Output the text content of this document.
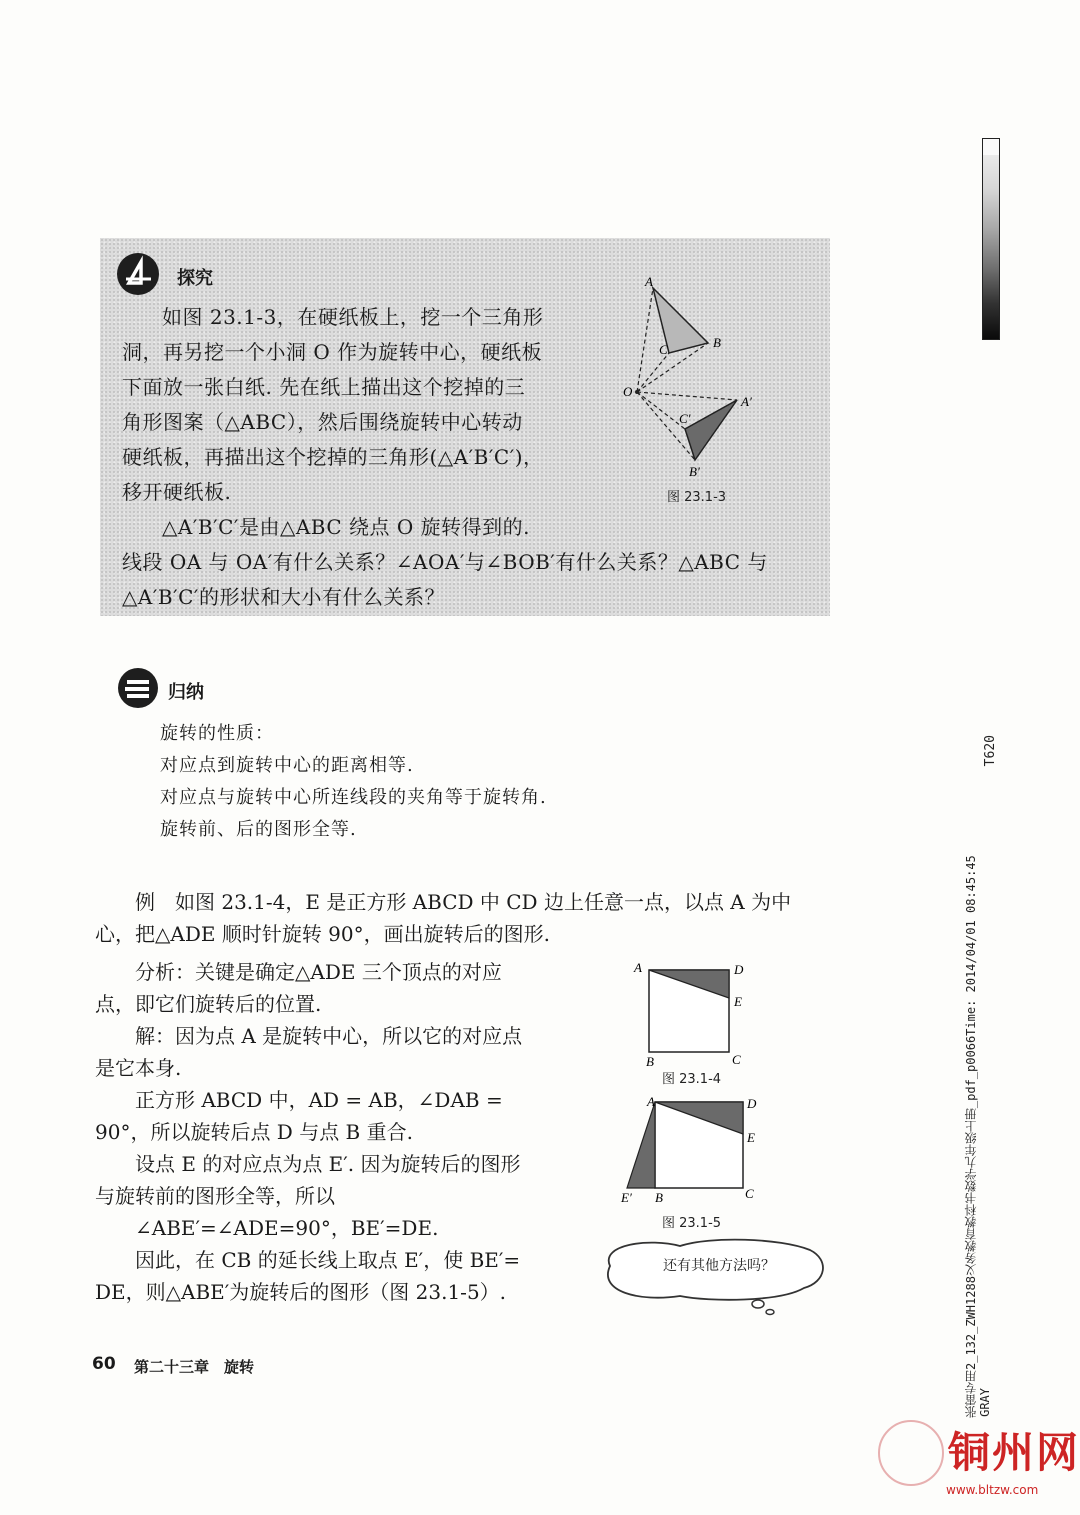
探究
如图 23.1-3，在硬纸板上，挖一个三角形
洞，再另挖一个小洞 O 作为旋转中心，硬纸板
下面放一张白纸. 先在纸上描出这个挖掉的三
角形图案（△ABC），然后围绕旋转中心转动
硬纸板，再描出这个挖掉的三角形(△A′B′C′)，
移开硬纸板.
△A′B′C′是由△ABC 绕点 O 旋转得到的.
线段 OA 与 OA′有什么关系？∠AOA′与∠BOB′有什么关系？△ABC 与
△A′B′C′的形状和大小有什么关系？
A
B
C
O
A′
B′
C′
图 23.1-3
归纳
旋转的性质：
对应点到旋转中心的距离相等.
对应点与旋转中心所连线段的夹角等于旋转角.
旋转前、后的图形全等.
例　如图 23.1-4，E 是正方形 ABCD 中 CD 边上任意一点，以点 A 为中
心，把△ADE 顺时针旋转 90°，画出旋转后的图形.
分析：关键是确定△ADE 三个顶点的对应
点，即它们旋转后的位置.
解：因为点 A 是旋转中心，所以它的对应点
是它本身.
正方形 ABCD 中，AD = AB，∠DAB =
90°，所以旋转后点 D 与点 B 重合.
设点 E 的对应点为点 E′. 因为旋转后的图形
与旋转前的图形全等，所以
∠ABE′=∠ADE=90°，BE′=DE.
因此，在 CB 的延长线上取点 E′，使 BE′=
DE，则△ABE′为旋转后的图形（图 23.1-5）.
A	D
E
B	C
图 23.1-4
A	D
E
E′ B	C
图 23.1-5
还有其他方法吗？
60 第二十三章　旋转
T620
张雷专用2_132_ZWH1288义务教育教科书数学九年级上册_pdf_p0066Time: 2014/04/01 08:45:45 GRAY
铜州网
www.bltzw.com
